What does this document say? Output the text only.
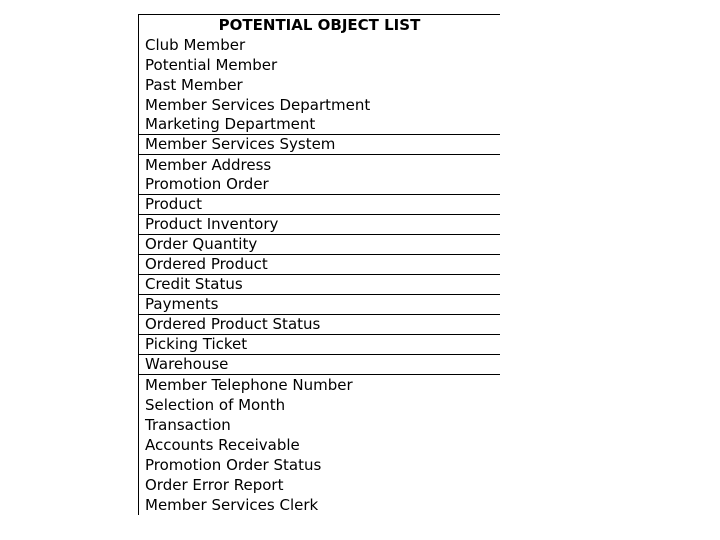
POTENTIAL OBJECT LIST
Club Member
Potential Member
Past Member
Member Services Department
Marketing Department
Member Services System
Member Address
Promotion Order
Product
Product Inventory
Order Quantity
Ordered Product
Credit Status
Payments
Ordered Product Status
Picking Ticket
Warehouse
Member Telephone Number
Selection of Month
Transaction
Accounts Receivable
Promotion Order Status
Order Error Report
Member Services Clerk
